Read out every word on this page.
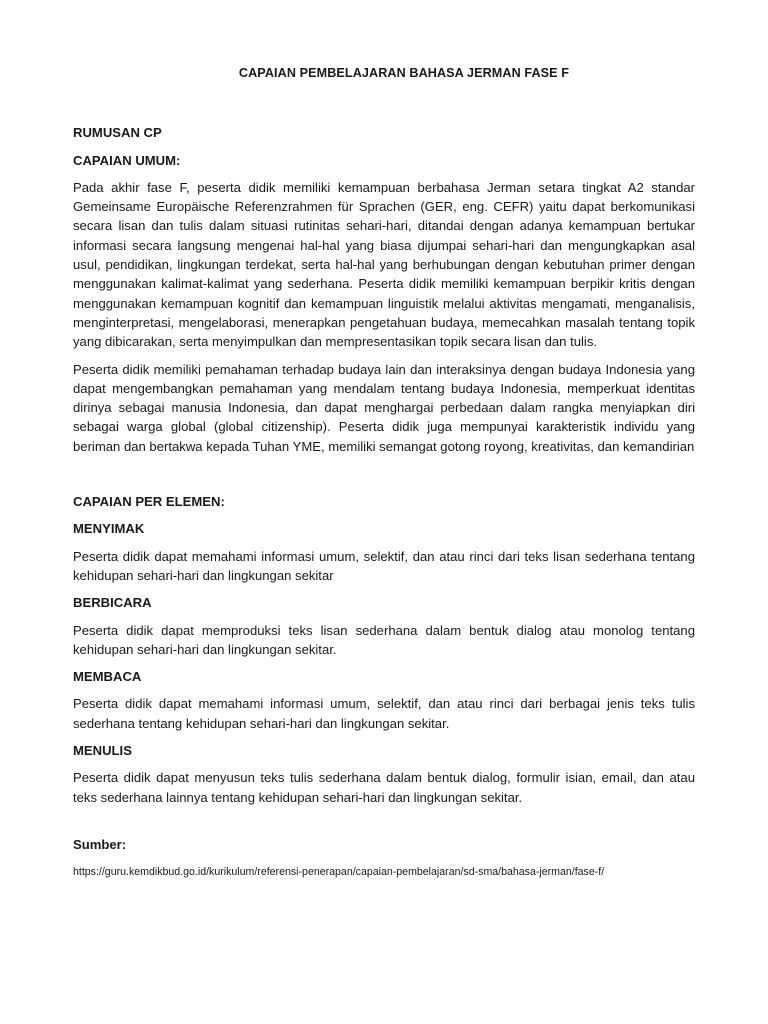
CAPAIAN PEMBELAJARAN BAHASA JERMAN FASE F
RUMUSAN CP
CAPAIAN UMUM:
Pada akhir fase F, peserta didik memiliki kemampuan berbahasa Jerman setara tingkat A2 standar Gemeinsame Europäische Referenzrahmen für Sprachen (GER, eng. CEFR) yaitu dapat berkomunikasi secara lisan dan tulis dalam situasi rutinitas sehari-hari, ditandai dengan adanya kemampuan bertukar informasi secara langsung mengenai hal-hal yang biasa dijumpai sehari-hari dan mengungkapkan asal usul, pendidikan, lingkungan terdekat, serta hal-hal yang berhubungan dengan kebutuhan primer dengan menggunakan kalimat-kalimat yang sederhana. Peserta didik memiliki kemampuan berpikir kritis dengan menggunakan kemampuan kognitif dan kemampuan linguistik melalui aktivitas mengamati, menganalisis, menginterpretasi, mengelaborasi, menerapkan pengetahuan budaya, memecahkan masalah tentang topik yang dibicarakan, serta menyimpulkan dan mempresentasikan topik secara lisan dan tulis.
Peserta didik memiliki pemahaman terhadap budaya lain dan interaksinya dengan budaya Indonesia yang dapat mengembangkan pemahaman yang mendalam tentang budaya Indonesia, memperkuat identitas dirinya sebagai manusia Indonesia, dan dapat menghargai perbedaan dalam rangka menyiapkan diri sebagai warga global (global citizenship). Peserta didik juga mempunyai karakteristik individu yang beriman dan bertakwa kepada Tuhan YME, memiliki semangat gotong royong, kreativitas, dan kemandirian
CAPAIAN PER ELEMEN:
MENYIMAK
Peserta didik dapat memahami informasi umum, selektif, dan atau rinci dari teks lisan sederhana tentang kehidupan sehari-hari dan lingkungan sekitar
BERBICARA
Peserta didik dapat memproduksi teks lisan sederhana dalam bentuk dialog atau monolog tentang kehidupan sehari-hari dan lingkungan sekitar.
MEMBACA
Peserta didik dapat memahami informasi umum, selektif, dan atau rinci dari berbagai jenis teks tulis sederhana tentang kehidupan sehari-hari dan lingkungan sekitar.
MENULIS
Peserta didik dapat menyusun teks tulis sederhana dalam bentuk dialog, formulir isian, email, dan atau teks sederhana lainnya tentang kehidupan sehari-hari dan lingkungan sekitar.
Sumber:
https://guru.kemdikbud.go.id/kurikulum/referensi-penerapan/capaian-pembelajaran/sd-sma/bahasa-jerman/fase-f/
